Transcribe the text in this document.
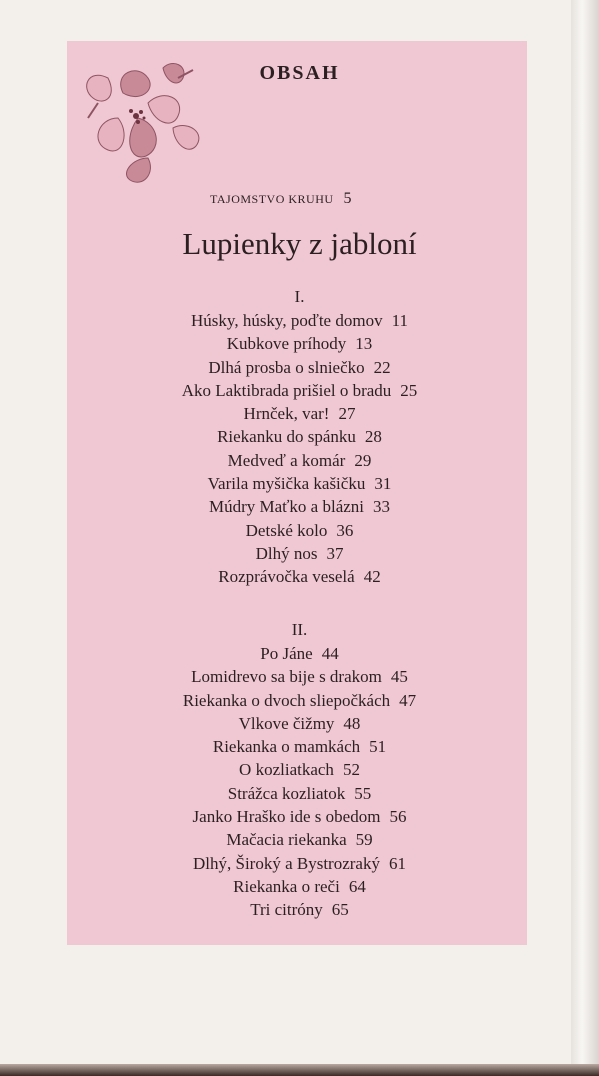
OBSAH
TAJOMSTVO KRUHU 5
Lupienky z jabloní
I.
Húsky, húsky, poďte domov 11
Kubkove príhody 13
Dlhá prosba o slniečko 22
Ako Laktibrada prišiel o bradu 25
Hrnček, var! 27
Riekanku do spánku 28
Medveď a komár 29
Varila myšička kašičku 31
Múdry Maťko a blázni 33
Detské kolo 36
Dlhý nos 37
Rozprávočka veselá 42
II.
Po Jáne 44
Lomidrevo sa bije s drakom 45
Riekanka o dvoch sliepočkách 47
Vlkove čižmy 48
Riekanka o mamkách 51
O kozliatkach 52
Strážca kozliatok 55
Janko Hraško ide s obedom 56
Mačacia riekanka 59
Dlhý, Široký a Bystrozraký 61
Riekanka o reči 64
Tri citróny 65
